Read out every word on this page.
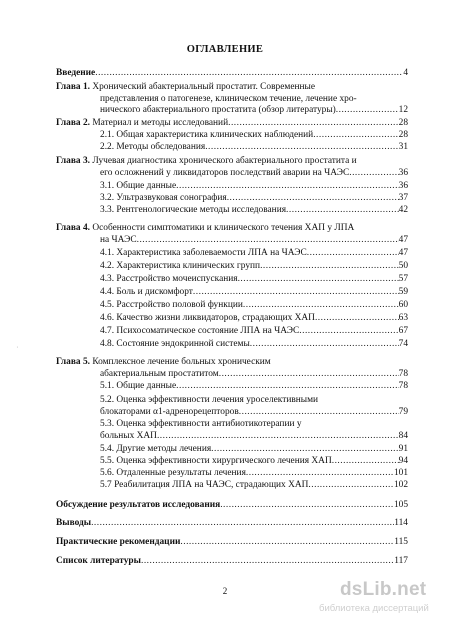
ОГЛАВЛЕНИЕ
Введение .....	4
Глава 1. Хронический абактериальный простатит. Современные
представления о патогенезе, клиническом течение, лечение хро-
нического абактериального простатита (обзор литературы) .....	12
Глава 2. Материал и методы исследований .....	28
2.1. Общая характеристика клинических наблюдений .....	28
2.2. Методы обследования .....	31
Глава 3. Лучевая диагностика хронического абактериального простатита и
его осложнений у ликвидаторов последствий аварии на ЧАЭС .....	36
3.1. Общие данные .....	36
3.2. Ультразвуковая сонография .....	37
3.3. Рентгенологические методы исследования .....	42
Глава 4. Особенности симптоматики и клинического течения ХАП у ЛПА
на ЧАЭС .....	47
4.1. Характеристика заболеваемости ЛПА на ЧАЭС .....	47
4.2. Характеристика клинических групп .....	50
4.3. Расстройство мочеиспускания .....	57
4.4. Боль и дискомфорт .....	59
4.5. Расстройство половой функции .....	60
4.6. Качество жизни ликвидаторов, страдающих ХАП .....	63
4.7. Психосоматическое состояние ЛПА на ЧАЭС .....	67
4.8. Состояние эндокринной системы .....	74
Глава 5. Комплексное лечение больных хроническим
абактериальным простатитом .....	78
5.1. Общие данные .....	78
5.2. Оценка эффективности лечения уроселективными
блокаторами α1-адренорецепторов .....	79
5.3. Оценка эффективности антибиотикотерапии у
больных ХАП .....	84
5.4. Другие методы лечения .....	91
5.5. Оценка эффективности хирургического лечения ХАП .....	94
5.6. Отдаленные результаты лечения .....	101
5.7 Реабилитация ЛПА на ЧАЭС, страдающих ХАП .....	102
Обсуждение результатов исследования .....	105
Выводы .....	114
Практические рекомендации .....	115
Список литературы .....	117
˙
2	dsLib.net
библиотека диссертаций
